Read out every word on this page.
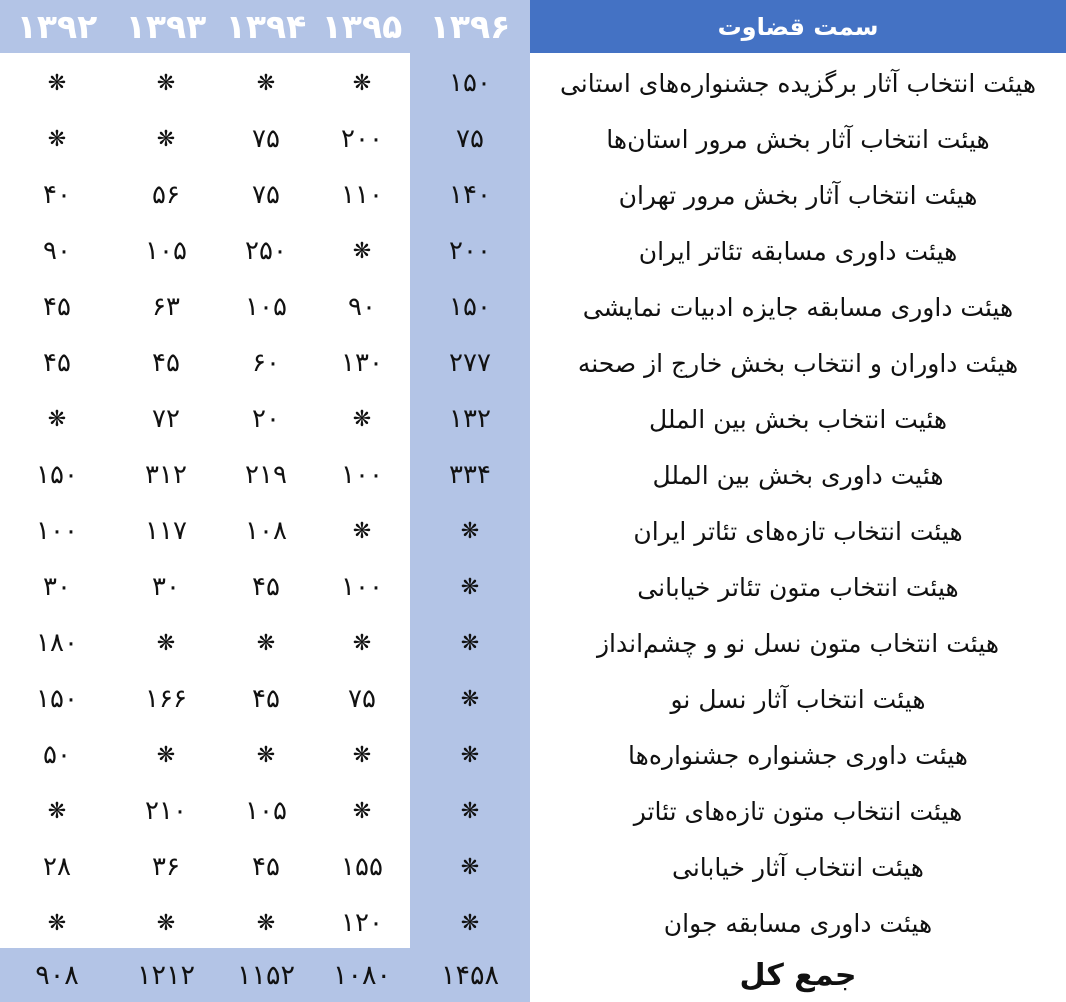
۱۳۹۲ ۱۳۹۳ ۱۳۹۴ ۱۳۹۵ ۱۳۹۶	سمت قضاوت
❋	❋	❋	❋	۱۵۰	هیئت انتخاب آثار برگزیده جشنواره‌های استانی
❋	❋	۷۵	۲۰۰	۷۵	هیئت انتخاب آثار بخش مرور استان‌ها
۴۰	۵۶	۷۵	۱۱۰	۱۴۰	هیئت انتخاب آثار بخش مرور تهران
۹۰	۱۰۵	۲۵۰	❋	۲۰۰	هیئت داوری مسابقه تئاتر ایران
۴۵	۶۳	۱۰۵	۹۰	۱۵۰	هیئت داوری مسابقه جایزه ادبیات نمایشی
۴۵	۴۵	۶۰	۱۳۰	۲۷۷	هیئت داوران و انتخاب بخش خارج از صحنه
❋	۷۲	۲۰	❋	۱۳۲	هئیت انتخاب بخش بین الملل
۱۵۰	۳۱۲	۲۱۹	۱۰۰	۳۳۴	هئیت داوری بخش بین الملل
۱۰۰	۱۱۷	۱۰۸	❋	❋	هیئت انتخاب تازه‌های تئاتر ایران
۳۰	۳۰	۴۵	۱۰۰	❋	هیئت انتخاب متون تئاتر خیابانی
۱۸۰	❋	❋	❋	❋	هیئت انتخاب متون نسل نو و چشم‌انداز
۱۵۰	۱۶۶	۴۵	۷۵	❋	هیئت انتخاب آثار نسل نو
۵۰	❋	❋	❋	❋	هیئت داوری جشنواره جشنواره‌ها
❋	۲۱۰	۱۰۵	❋	❋	هیئت انتخاب متون تازه‌های تئاتر
۲۸	۳۶	۴۵	۱۵۵	❋	هیئت انتخاب آثار خیابانی
❋	❋	❋	۱۲۰	❋	هیئت داوری مسابقه جوان
۹۰۸	۱۲۱۲	۱۱۵۲	۱۰۸۰	۱۴۵۸	جمع کل
